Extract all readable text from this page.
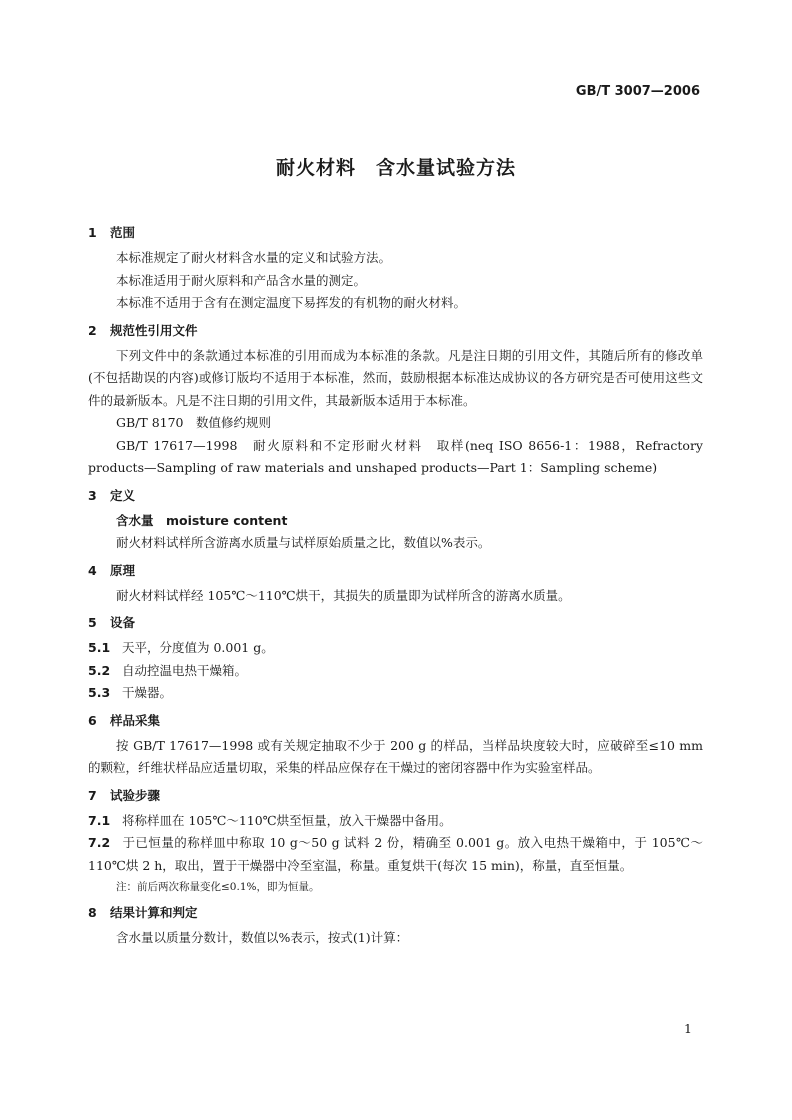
GB/T 3007—2006
耐火材料　含水量试验方法
1 范围

本标准规定了耐火材料含水量的定义和试验方法。

本标准适用于耐火原料和产品含水量的测定。

本标准不适用于含有在测定温度下易挥发的有机物的耐火材料。

2 规范性引用文件

下列文件中的条款通过本标准的引用而成为本标准的条款。凡是注日期的引用文件，其随后所有的修改单(不包括勘误的内容)或修订版均不适用于本标准，然而，鼓励根据本标准达成协议的各方研究是否可使用这些文件的最新版本。凡是不注日期的引用文件，其最新版本适用于本标准。

GB/T 8170　数值修约规则

GB/T 17617—1998　耐火原料和不定形耐火材料　取样(neq ISO 8656-1：1988，Refractory products—Sampling of raw materials and unshaped products—Part 1：Sampling scheme)

3 定义

含水量　moisture content

耐火材料试样所含游离水质量与试样原始质量之比，数值以%表示。

4 原理

耐火材料试样经 105℃～110℃烘干，其损失的质量即为试样所含的游离水质量。

5 设备

5.1 天平，分度值为 0.001 g。

5.2 自动控温电热干燥箱。

5.3 干燥器。

6 样品采集

按 GB/T 17617—1998 或有关规定抽取不少于 200 g 的样品，当样品块度较大时，应破碎至≤10 mm的颗粒，纤维状样品应适量切取，采集的样品应保存在干燥过的密闭容器中作为实验室样品。

7 试验步骤

7.1 将称样皿在 105℃～110℃烘至恒量，放入干燥器中备用。

7.2 于已恒量的称样皿中称取 10 g～50 g 试料 2 份，精确至 0.001 g。放入电热干燥箱中，于 105℃～110℃烘 2 h，取出，置于干燥器中冷至室温，称量。重复烘干(每次 15 min)，称量，直至恒量。

注：前后两次称量变化≤0.1%，即为恒量。

8 结果计算和判定

含水量以质量分数计，数值以%表示，按式(1)计算：

1
